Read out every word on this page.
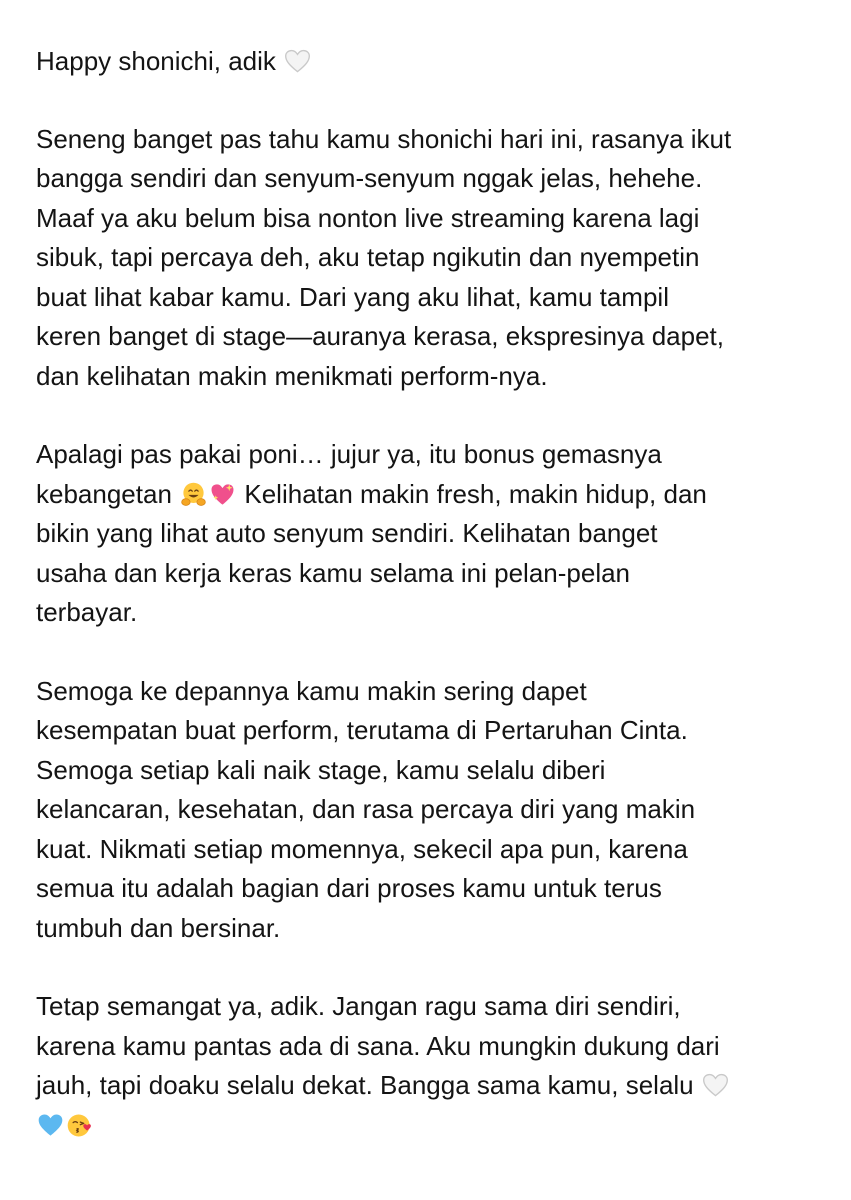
Happy shonichi, adik

Seneng banget pas tahu kamu shonichi hari ini, rasanya ikut
bangga sendiri dan senyum-senyum nggak jelas, hehehe.
Maaf ya aku belum bisa nonton live streaming karena lagi
sibuk, tapi percaya deh, aku tetap ngikutin dan nyempetin
buat lihat kabar kamu. Dari yang aku lihat, kamu tampil
keren banget di stage—auranya kerasa, ekspresinya dapet,
dan kelihatan makin menikmati perform-nya.

Apalagi pas pakai poni… jujur ya, itu bonus gemasnya
kebangetan	Kelihatan makin fresh, makin hidup, dan
bikin yang lihat auto senyum sendiri. Kelihatan banget
usaha dan kerja keras kamu selama ini pelan-pelan
terbayar.

Semoga ke depannya kamu makin sering dapet
kesempatan buat perform, terutama di Pertaruhan Cinta.
Semoga setiap kali naik stage, kamu selalu diberi
kelancaran, kesehatan, dan rasa percaya diri yang makin
kuat. Nikmati setiap momennya, sekecil apa pun, karena
semua itu adalah bagian dari proses kamu untuk terus
tumbuh dan bersinar.

Tetap semangat ya, adik. Jangan ragu sama diri sendiri,
karena kamu pantas ada di sana. Aku mungkin dukung dari
jauh, tapi doaku selalu dekat. Bangga sama kamu, selalu
